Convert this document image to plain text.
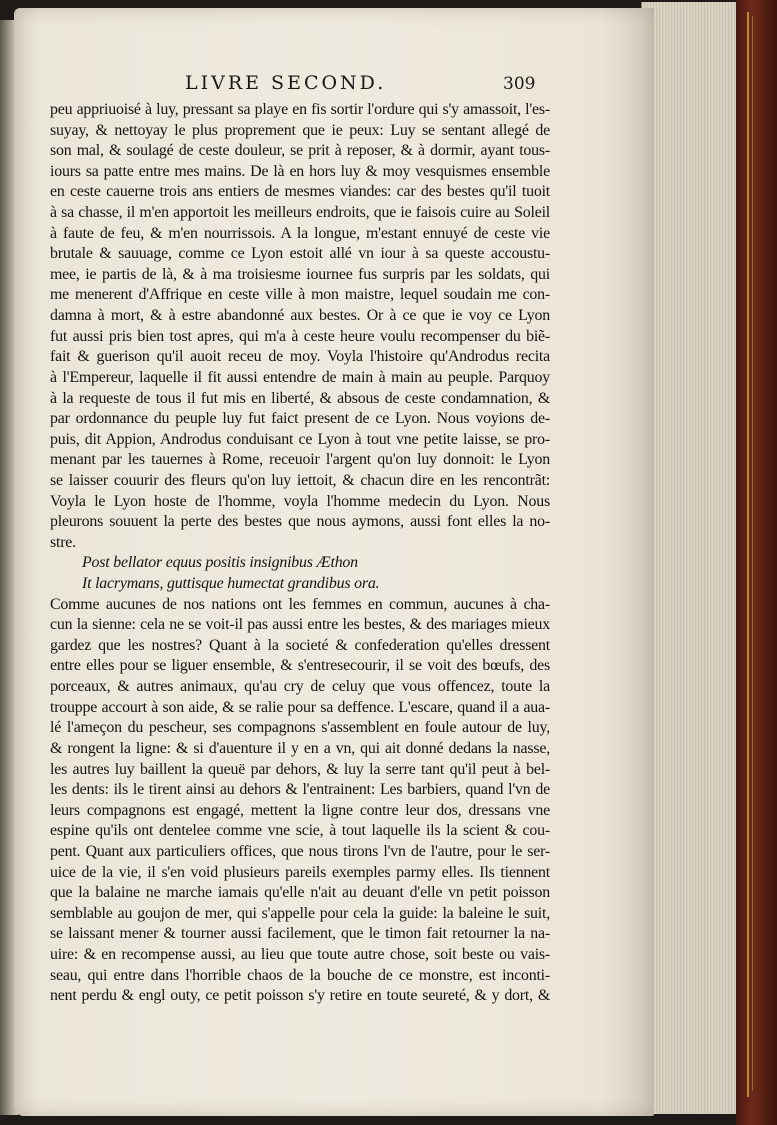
LIVRE SECOND.	309
peu appriuoisé à luy, pressant sa playe en fis sortir l'ordure qui s'y amassoit, l'es-
suyay, & nettoyay le plus proprement que ie peux: Luy se sentant allegé de
son mal, & soulagé de ceste douleur, se prit à reposer, & à dormir, ayant tous-
iours sa patte entre mes mains. De là en hors luy & moy vesquismes ensemble
en ceste cauerne trois ans entiers de mesmes viandes: car des bestes qu'il tuoit
à sa chasse, il m'en apportoit les meilleurs endroits, que ie faisois cuire au Soleil
à faute de feu, & m'en nourrissois. A la longue, m'estant ennuyé de ceste vie
brutale & sauuage, comme ce Lyon estoit allé vn iour à sa queste accoustu-
mee, ie partis de là, & à ma troisiesme iournee fus surpris par les soldats, qui
me menerent d'Affrique en ceste ville à mon maistre, lequel soudain me con-
damna à mort, & à estre abandonné aux bestes. Or à ce que ie voy ce Lyon
fut aussi pris bien tost apres, qui m'a à ceste heure voulu recompenser du biẽ-
fait & guerison qu'il auoit receu de moy. Voyla l'histoire qu'Androdus recita
à l'Empereur, laquelle il fit aussi entendre de main à main au peuple. Parquoy
à la requeste de tous il fut mis en liberté, & absous de ceste condamnation, &
par ordonnance du peuple luy fut faict present de ce Lyon. Nous voyions de-
puis, dit Appion, Androdus conduisant ce Lyon à tout vne petite laisse, se pro-
menant par les tauernes à Rome, receuoir l'argent qu'on luy donnoit: le Lyon
se laisser couurir des fleurs qu'on luy iettoit, & chacun dire en les rencontrãt:
Voyla le Lyon hoste de l'homme, voyla l'homme medecin du Lyon. Nous
pleurons souuent la perte des bestes que nous aymons, aussi font elles la no-
stre.
Post bellator equus positis insignibus Æthon
It lacrymans, guttisque humectat grandibus ora.
Comme aucunes de nos nations ont les femmes en commun, aucunes à cha-
cun la sienne: cela ne se voit-il pas aussi entre les bestes, & des mariages mieux
gardez que les nostres? Quant à la societé & confederation qu'elles dressent
entre elles pour se liguer ensemble, & s'entresecourir, il se voit des bœufs, des
porceaux, & autres animaux, qu'au cry de celuy que vous offencez, toute la
trouppe accourt à son aide, & se ralie pour sa deffence. L'escare, quand il a aua-
lé l'ameçon du pescheur, ses compagnons s'assemblent en foule autour de luy,
& rongent la ligne: & si d'auenture il y en a vn, qui ait donné dedans la nasse,
les autres luy baillent la queuë par dehors, & luy la serre tant qu'il peut à bel-
les dents: ils le tirent ainsi au dehors & l'entrainent: Les barbiers, quand l'vn de
leurs compagnons est engagé, mettent la ligne contre leur dos, dressans vne
espine qu'ils ont dentelee comme vne scie, à tout laquelle ils la scient & cou-
pent. Quant aux particuliers offices, que nous tirons l'vn de l'autre, pour le ser-
uice de la vie, il s'en void plusieurs pareils exemples parmy elles. Ils tiennent
que la balaine ne marche iamais qu'elle n'ait au deuant d'elle vn petit poisson
semblable au goujon de mer, qui s'appelle pour cela la guide: la baleine le suit,
se laissant mener & tourner aussi facilement, que le timon fait retourner la na-
uire: & en recompense aussi, au lieu que toute autre chose, soit beste ou vais-
seau, qui entre dans l'horrible chaos de la bouche de ce monstre, est inconti-
nent perdu & engl outy, ce petit poisson s'y retire en toute seureté, & y dort, &
